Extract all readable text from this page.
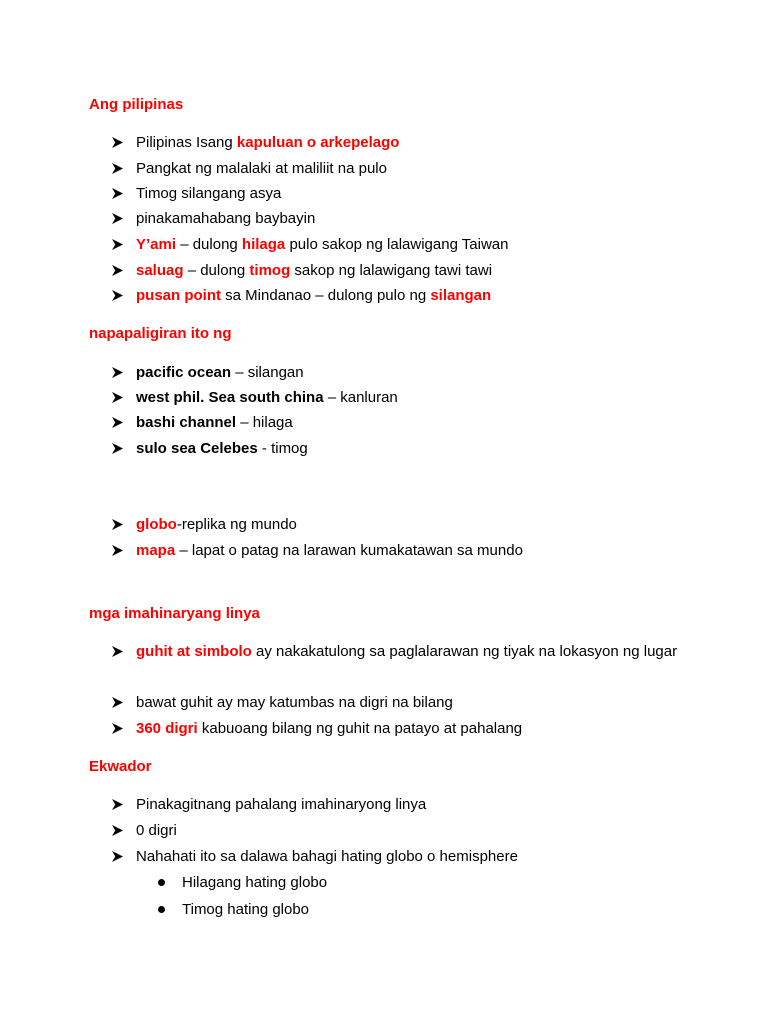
Ang pilipinas
Pilipinas Isang kapuluan o arkepelago
Pangkat ng malalaki at maliliit na pulo
Timog silangang asya
pinakamahabang baybayin
Y’ami – dulong hilaga pulo sakop ng lalawigang Taiwan
saluag – dulong timog sakop ng lalawigang tawi tawi
pusan point sa Mindanao – dulong pulo ng silangan
napapaligiran ito ng
pacific ocean – silangan
west phil. Sea south china – kanluran
bashi channel – hilaga
sulo sea Celebes - timog
globo-replika ng mundo
mapa – lapat o patag na larawan kumakatawan sa mundo
mga imahinaryang linya
guhit at simbolo ay nakakatulong sa paglalarawan ng tiyak na lokasyon ng lugar
bawat guhit ay may katumbas na digri na bilang
360 digri kabuoang bilang ng guhit na patayo at pahalang
Ekwador
Pinakagitnang pahalang imahinaryong linya
0 digri
Nahahati ito sa dalawa bahagi hating globo o hemisphere
Hilagang hating globo
Timog hating globo
